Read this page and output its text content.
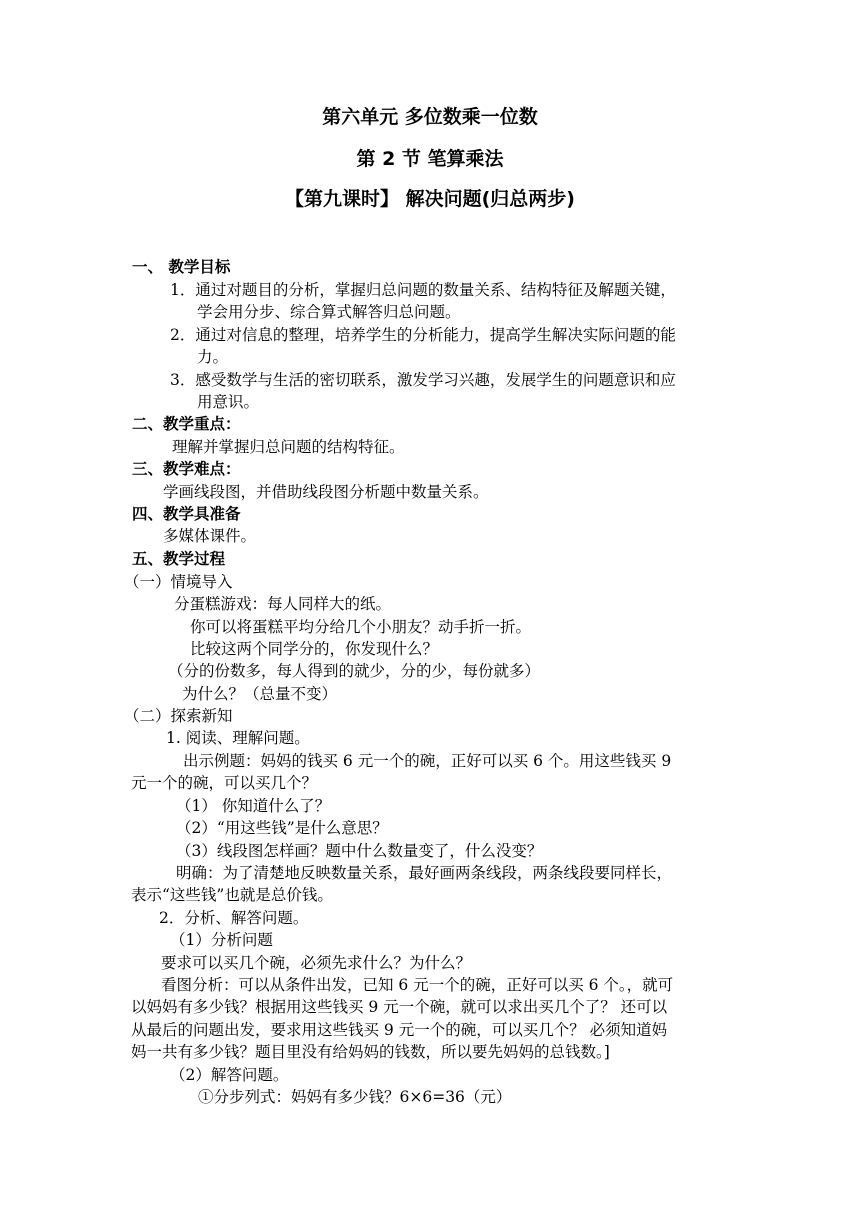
第六单元 多位数乘一位数
第 2 节 笔算乘法
【第九课时】 解决问题(归总两步)
一、 教学目标
1．通过对题目的分析，掌握归总问题的数量关系、结构特征及解题关键，
学会用分步、综合算式解答归总问题。
2．通过对信息的整理，培养学生的分析能力，提高学生解决实际问题的能
力。
3．感受数学与生活的密切联系，激发学习兴趣，发展学生的问题意识和应
用意识。
二、教学重点：
理解并掌握归总问题的结构特征。
三、教学难点：
学画线段图，并借助线段图分析题中数量关系。
四、教学具准备
多媒体课件。
五、教学过程
（一）情境导入
分蛋糕游戏：每人同样大的纸。
你可以将蛋糕平均分给几个小朋友？动手折一折。
比较这两个同学分的，你发现什么？
（分的份数多，每人得到的就少，分的少，每份就多）
为什么？（总量不变）
（二）探索新知
1. 阅读、理解问题。
出示例题：妈妈的钱买 6 元一个的碗，正好可以买 6 个。用这些钱买 9
元一个的碗，可以买几个？
（1） 你知道什么了？
（2）“用这些钱”是什么意思？
（3）线段图怎样画？题中什么数量变了，什么没变？
明确：为了清楚地反映数量关系，最好画两条线段，两条线段要同样长，
表示“这些钱”也就是总价钱。
2．分析、解答问题。
（1）分析问题
要求可以买几个碗，必须先求什么？为什么？
看图分析：可以从条件出发，已知 6 元一个的碗，正好可以买 6 个。，就可
以妈妈有多少钱？根据用这些钱买 9 元一个碗，就可以求出买几个了？ 还可以
从最后的问题出发，要求用这些钱买 9 元一个的碗，可以买几个？ 必须知道妈
妈一共有多少钱？题目里没有给妈妈的钱数，所以要先妈妈的总钱数。]
（2）解答问题。
①分步列式：妈妈有多少钱？6×6=36（元）
